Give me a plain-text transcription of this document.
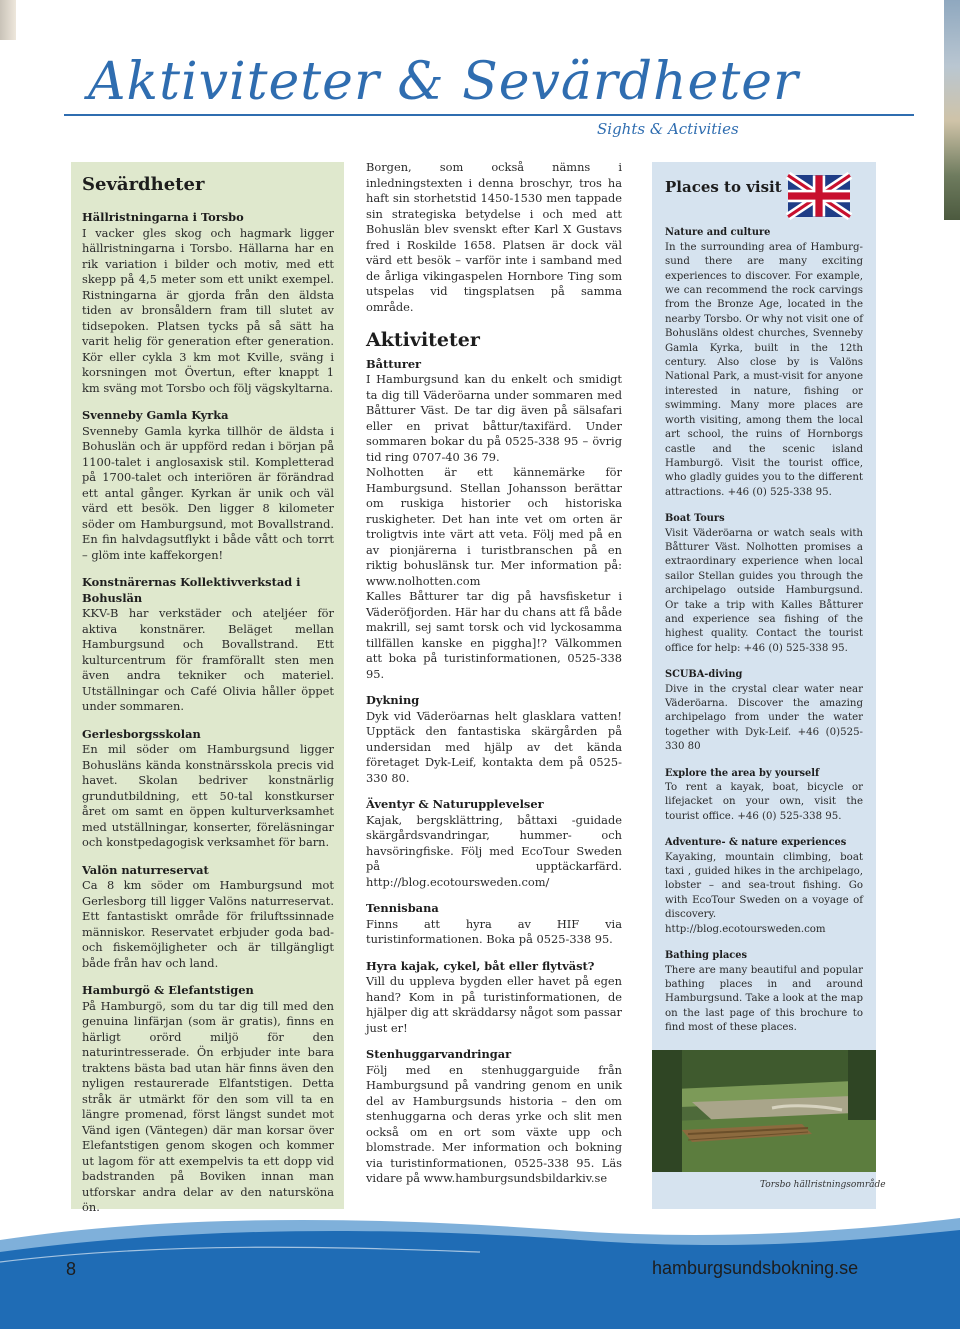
Aktiviteter & Sevärdheter
Sights & Activities
Sevärdheter
Hällristningarna i Torsbo

I vacker gles skog och hagmark ligger hällristningarna i Torsbo. Hällarna har en rik variation i bilder och motiv, med ett skepp på 4,5 meter som ett unikt exempel. Ristningarna är gjorda från den äldsta tiden av bronsåldern fram till slutet av tidsepoken. Platsen tycks på så sätt ha varit helig för generation efter generation. Kör eller cykla 3 km mot Kville, sväng i korsningen mot Övertun, efter knappt 1 km sväng mot Torsbo och följ vägskyltarna.

Svenneby Gamla Kyrka

Svenneby Gamla kyrka tillhör de äldsta i Bohuslän och är uppförd redan i början på 1100-talet i anglosaxisk stil. Kompletterad på 1700-talet och interiören är förändrad ett antal gånger. Kyrkan är unik och väl värd ett besök. Den ligger 8 kilometer söder om Hamburgsund, mot Bovallstrand. En fin halvdagsutflykt i både vått och torrt – glöm inte kaffekorgen!

Konstnärernas Kollektivverkstad i Bohuslän

KKV-B har verkstäder och ateljéer för aktiva konstnärer. Beläget mellan Hamburgsund och Bovallstrand. Ett kulturcentrum för framförallt sten men även andra tekniker och materiel. Utställningar och Café Olivia håller öppet under sommaren.

Gerlesborgsskolan

En mil söder om Hamburgsund ligger Bohusläns kända konstnärsskola precis vid havet. Skolan bedriver konstnärlig grundutbildning, ett 50-tal konstkurser året om samt en öppen kulturverksamhet med utställningar, konserter, föreläsningar och konstpedagogisk verksamhet för barn.

Valön naturreservat

Ca 8 km söder om Hamburgsund mot Gerlesborg till ligger Valöns naturreservat. Ett fantastiskt område för friluftssinnade människor. Reservatet erbjuder goda bad- och fiskemöjligheter och är tillgängligt både från hav och land.

Hamburgö & Elefantstigen

På Hamburgö, som du tar dig till med den genuina linfärjan (som är gratis), finns en härligt orörd miljö för den naturintresserade. Ön erbjuder inte bara traktens bästa bad utan här finns även den nyligen restaurerade Elfantstigen. Detta stråk är utmärkt för den som vill ta en längre promenad, först längst sundet mot Vänd igen (Väntegen) där man korsar över Elefantstigen genom skogen och kommer ut lagom för att exempelvis ta ett dopp vid badstranden på Boviken innan man utforskar andra delar av den natursköna ön.

Borgen, som också nämns i inledningstexten i denna broschyr, tros ha haft sin storhetstid 1450-1530 men tappade sin strategiska betydelse i och med att Bohuslän blev svenskt efter Karl X Gustavs fred i Roskilde 1658. Platsen är dock väl värd ett besök – varför inte i samband med de årliga vikingaspelen Hornbore Ting som utspelas vid tingsplatsen på samma område.

Aktiviteter
Båtturer

I Hamburgsund kan du enkelt och smidigt ta dig till Väderöarna under sommaren med Båtturer Väst. De tar dig även på sälsafari eller en privat båttur/taxifärd. Under sommaren bokar du på 0525-338 95 – övrig tid ring 0707-40 36 79.

Nolhotten är ett kännemärke för Hamburgsund. Stellan Johansson berättar om ruskiga historier och historiska ruskigheter. Det han inte vet om orten är troligtvis inte värt att veta. Följ med på en av pionjärerna i turistbranschen på en riktig bohuslänsk tur. Mer information på: www.nolhotten.com

Kalles Båtturer tar dig på havsfisketur i Väderöfjorden. Här har du chans att få både makrill, sej samt torsk och vid lyckosamma tillfällen kanske en piggha]!? Välkommen att boka på turistinformationen, 0525-338 95.

Dykning

Dyk vid Väderöarnas helt glasklara vatten! Upptäck den fantastiska skärgården på undersidan med hjälp av det kända företaget Dyk-Leif, kontakta dem på 0525-330 80.

Äventyr & Naturupplevelser

Kajak, bergsklättring, båttaxi -guidade skärgårdsvandringar, hummer- och havsöringfiske. Följ med EcoTour Sweden på upptäckarfärd. http://blog.ecotoursweden.com/

Tennisbana

Finns att hyra av HIF via turistinformationen. Boka på 0525-338 95.

Hyra kajak, cykel, båt eller flytväst?

Vill du uppleva bygden eller havet på egen hand? Kom in på turistinformationen, de hjälper dig att skräddarsy något som passar just er!

Stenhuggarvandringar

Följ med en stenhuggarguide från Hamburgsund på vandring genom en unik del av Hamburgsunds historia – den om stenhuggarna och deras yrke och slit men också om en ort som växte upp och blomstrade. Mer information och bokning via turistinformationen, 0525-338 95. Läs vidare på www.hamburgsundsbildarkiv.se

Places to visit
Nature and culture

In the surrounding area of Hamburg-sund there are many exciting experiences to discover. For example, we can recommend the rock carvings from the Bronze Age, located in the nearby Torsbo. Or why not visit one of Bohusläns oldest churches, Svenneby Gamla Kyrka, built in the 12th century. Also close by is Valöns National Park, a must-visit for anyone interested in nature, fishing or swimming. Many more places are worth visiting, among them the local art school, the ruins of Hornborgs castle and the scenic island Hamburgö. Visit the tourist office, who gladly guides you to the different attractions. +46 (0) 525-338 95.

Boat Tours

Visit Väderöarna or watch seals with Båtturer Väst. Nolhotten promises a extraordinary experience when local sailor Stellan guides you through the archipelago outside Hamburgsund. Or take a trip with Kalles Båtturer and experience sea fishing of the highest quality. Contact the tourist office for help: +46 (0) 525-338 95.

SCUBA-diving

Dive in the crystal clear water near Väderöarna. Discover the amazing archipelago from under the water together with Dyk-Leif. +46 (0)525-330 80

Explore the area by yourself

To rent a kayak, boat, bicycle or lifejacket on your own, visit the tourist office. +46 (0) 525-338 95.

Adventure- & nature experiences

Kayaking, mountain climbing, boat taxi , guided hikes in the archipelago, lobster – and sea-trout fishing. Go with EcoTour Sweden on a voyage of discovery. http://blog.ecotoursweden.com

Bathing places

There are many beautiful and popular bathing places in and around Hamburgsund. Take a look at the map on the last page of this brochure to find most of these places.

Torsbo hällristningsområde
8	hamburgsundsbokning.se
